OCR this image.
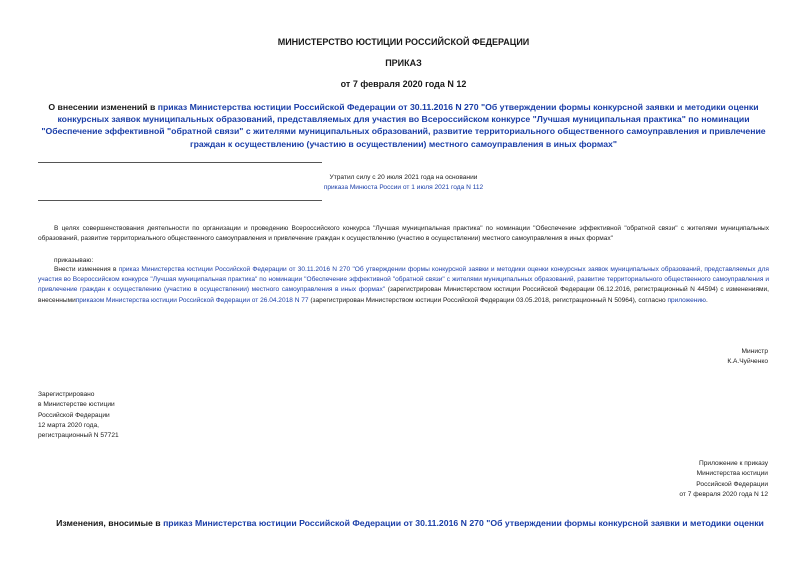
МИНИСТЕРСТВО ЮСТИЦИИ РОССИЙСКОЙ ФЕДЕРАЦИИ
ПРИКАЗ
от 7 февраля 2020 года N 12
О внесении изменений в приказ Министерства юстиции Российской Федерации от 30.11.2016 N 270 "Об утверждении формы конкурсной заявки и методики оценки конкурсных заявок муниципальных образований, представляемых для участия во Всероссийском конкурсе "Лучшая муниципальная практика" по номинации "Обеспечение эффективной "обратной связи" с жителями муниципальных образований, развитие территориального общественного самоуправления и привлечение граждан к осуществлению (участию в осуществлении) местного самоуправления в иных формах"
Утратил силу с 20 июля 2021 года на основании
приказа Минюста России от 1 июля 2021 года N 112
В целях совершенствования деятельности по организации и проведению Всероссийского конкурса "Лучшая муниципальная практика" по номинации "Обеспечение эффективной "обратной связи" с жителями муниципальных образований, развитие территориального общественного самоуправления и привлечение граждан к осуществлению (участию в осуществлении) местного самоуправления в иных формах"
приказываю:
Внести изменения в приказ Министерства юстиции Российской Федерации от 30.11.2016 N 270 "Об утверждении формы конкурсной заявки и методики оценки конкурсных заявок муниципальных образований, представляемых для участия во Всероссийском конкурсе "Лучшая муниципальная практика" по номинации "Обеспечение эффективной "обратной связи" с жителями муниципальных образований, развитие территориального общественного самоуправления и привлечение граждан к осуществлению (участию в осуществлении) местного самоуправления в иных формах" (зарегистрирован Министерством юстиции Российской Федерации 06.12.2016, регистрационный N 44594) с изменениями, внесеннымиприказом Министерства юстиции Российской Федерации от 26.04.2018 N 77 (зарегистрирован Министерством юстиции Российской Федерации 03.05.2018, регистрационный N 50964), согласно приложению.
Министр
К.А.Чуйченко
Зарегистрировано
в Министерстве юстиции
Российской Федерации
12 марта 2020 года,
регистрационный N 57721
Приложение к приказу
Министерства юстиции
Российской Федерации
от 7 февраля 2020 года N 12
Изменения, вносимые в приказ Министерства юстиции Российской Федерации от 30.11.2016 N 270 "Об утверждении формы конкурсной заявки и методики оценки
